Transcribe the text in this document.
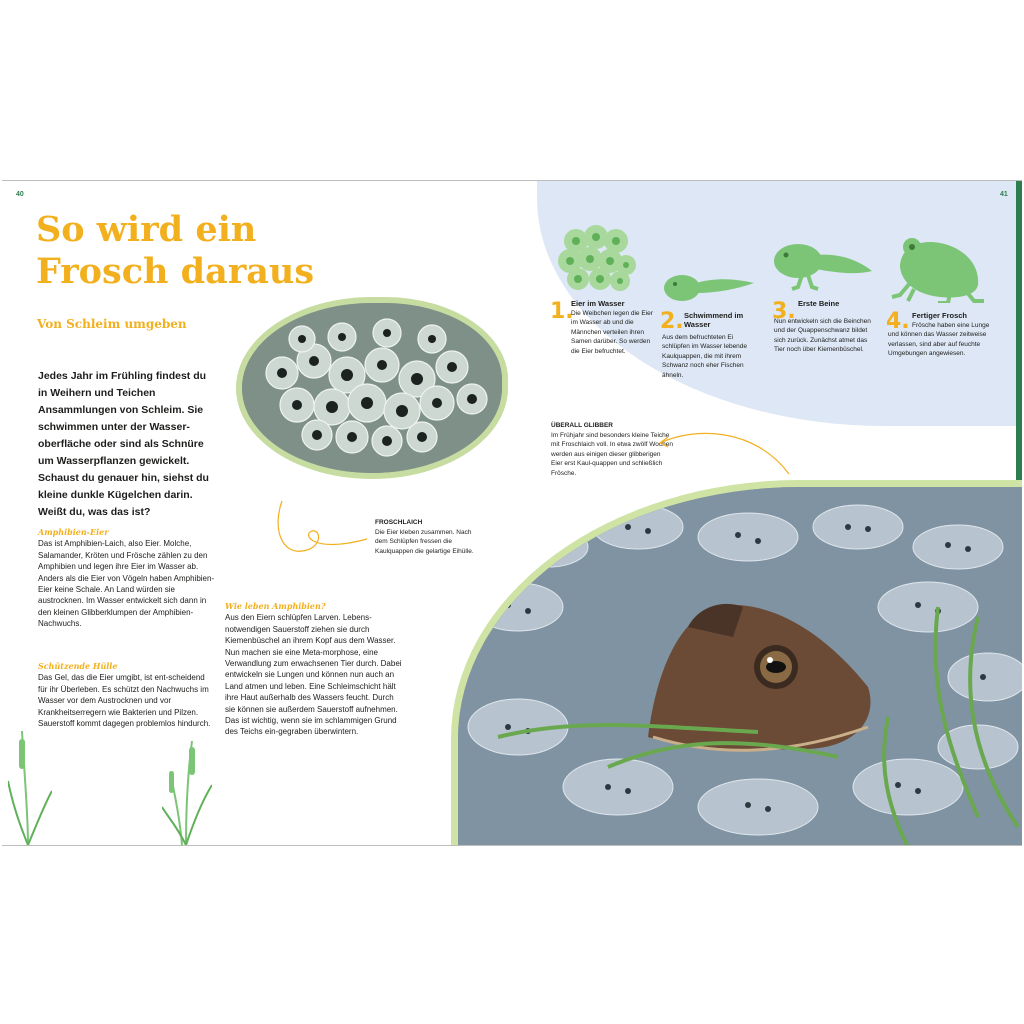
40	41
So wird ein
Frosch daraus
Von Schleim umgeben
Jedes Jahr im Frühling findest du in Weihern und Teichen Ansammlungen von Schleim. Sie schwimmen unter der Wasser-oberfläche oder sind als Schnüre um Wasserpflanzen gewickelt. Schaust du genauer hin, siehst du kleine dunkle Kügelchen darin. Weißt du, was das ist?
Amphibien-Eier
Das ist Amphibien-Laich, also Eier. Molche, Salamander, Kröten und Frösche zählen zu den Amphibien und legen ihre Eier im Wasser ab. Anders als die Eier von Vögeln haben Amphibien-Eier keine Schale. An Land würden sie austrocknen. Im Wasser entwickelt sich dann in den kleinen Glibberklumpen der Amphibien-Nachwuchs.
Schützende Hülle
Das Gel, das die Eier umgibt, ist ent-scheidend für ihr Überleben. Es schützt den Nachwuchs im Wasser vor dem Austrocknen und vor Krankheitserregern wie Bakterien und Pilzen. Sauerstoff kommt dagegen problemlos hindurch.
Wie leben Amphibien?
Aus den Eiern schlüpfen Larven. Lebens-notwendigen Sauerstoff ziehen sie durch Kiemenbüschel an ihrem Kopf aus dem Wasser. Nun machen sie eine Meta-morphose, eine Verwandlung zum erwachsenen Tier durch. Dabei entwickeln sie Lungen und können nun auch an Land atmen und leben. Eine Schleimschicht hält ihre Haut außerhalb des Wassers feucht. Durch sie können sie außerdem Sauerstoff aufnehmen. Das ist wichtig, wenn sie im schlammigen Grund des Teichs ein-gegraben überwintern.
FROSCHLAICH
Die Eier kleben zusammen. Nach dem Schlüpfen fressen die Kaulquappen die gelartige Eihülle.
ÜBERALL GLIBBER
Im Frühjahr sind besonders kleine Teiche mit Froschlaich voll. In etwa zwölf Wochen werden aus einigen dieser glibberigen Eier erst Kaul-quappen und schließlich Frösche.
1.
Eier im Wasser
Die Weibchen legen die Eier im Wasser ab und die Männchen verteilen ihren Samen darüber. So werden die Eier befruchtet.
2. Schwimmend im Wasser
Aus dem befruchteten Ei schlüpfen im Wasser lebende Kaulquappen, die mit ihrem Schwanz noch eher Fischen ähneln.
3. Erste Beine
Nun entwickeln sich die Beinchen und der Quappenschwanz bildet sich zurück. Zunächst atmet das Tier noch über Kiemenbüschel.
4. Fertiger Frosch
Frösche haben eine Lunge und können das Wasser zeitweise verlassen, sind aber auf feuchte Umgebungen angewiesen.
